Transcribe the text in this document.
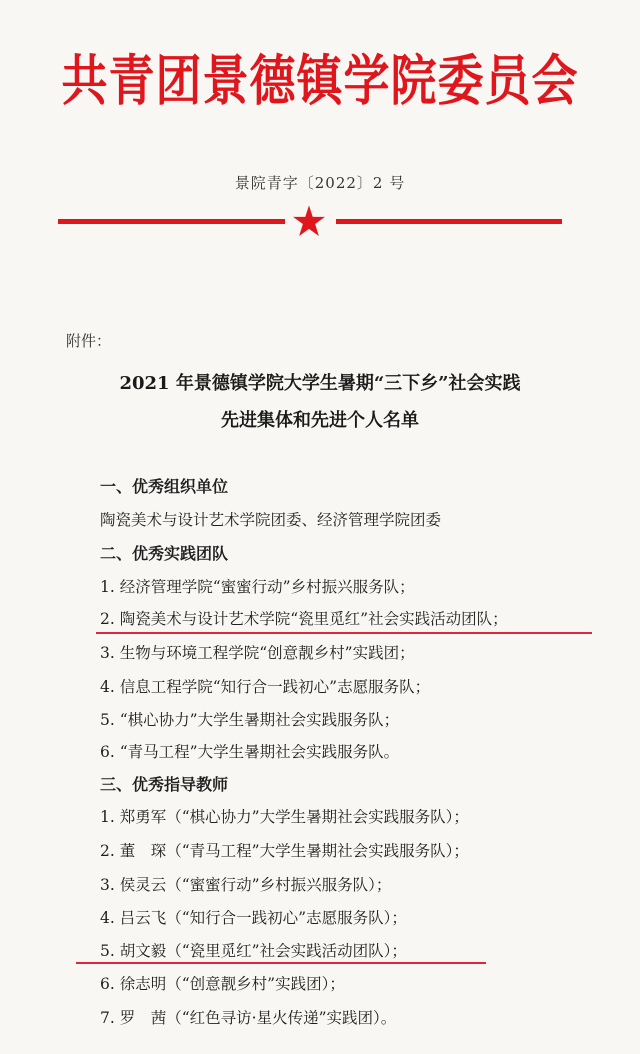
共青团景德镇学院委员会
景院青字〔2022〕2 号
附件：
2021 年景德镇学院大学生暑期“三下乡”社会实践
先进集体和先进个人名单
一、优秀组织单位
陶瓷美术与设计艺术学院团委、经济管理学院团委
二、优秀实践团队
1. 经济管理学院“蜜蜜行动”乡村振兴服务队；
2. 陶瓷美术与设计艺术学院“瓷里觅红”社会实践活动团队；
3. 生物与环境工程学院“创意靓乡村”实践团；
4. 信息工程学院“知行合一践初心”志愿服务队；
5. “棋心协力”大学生暑期社会实践服务队；
6. “青马工程”大学生暑期社会实践服务队。
三、优秀指导教师
1. 郑勇军（“棋心协力”大学生暑期社会实践服务队）；
2. 董　琛（“青马工程”大学生暑期社会实践服务队）；
3. 侯灵云（“蜜蜜行动”乡村振兴服务队）；
4. 吕云飞（“知行合一践初心”志愿服务队）；
5. 胡文毅（“瓷里觅红”社会实践活动团队）；
6. 徐志明（“创意靓乡村”实践团）；
7. 罗　茜（“红色寻访·星火传递”实践团）。
